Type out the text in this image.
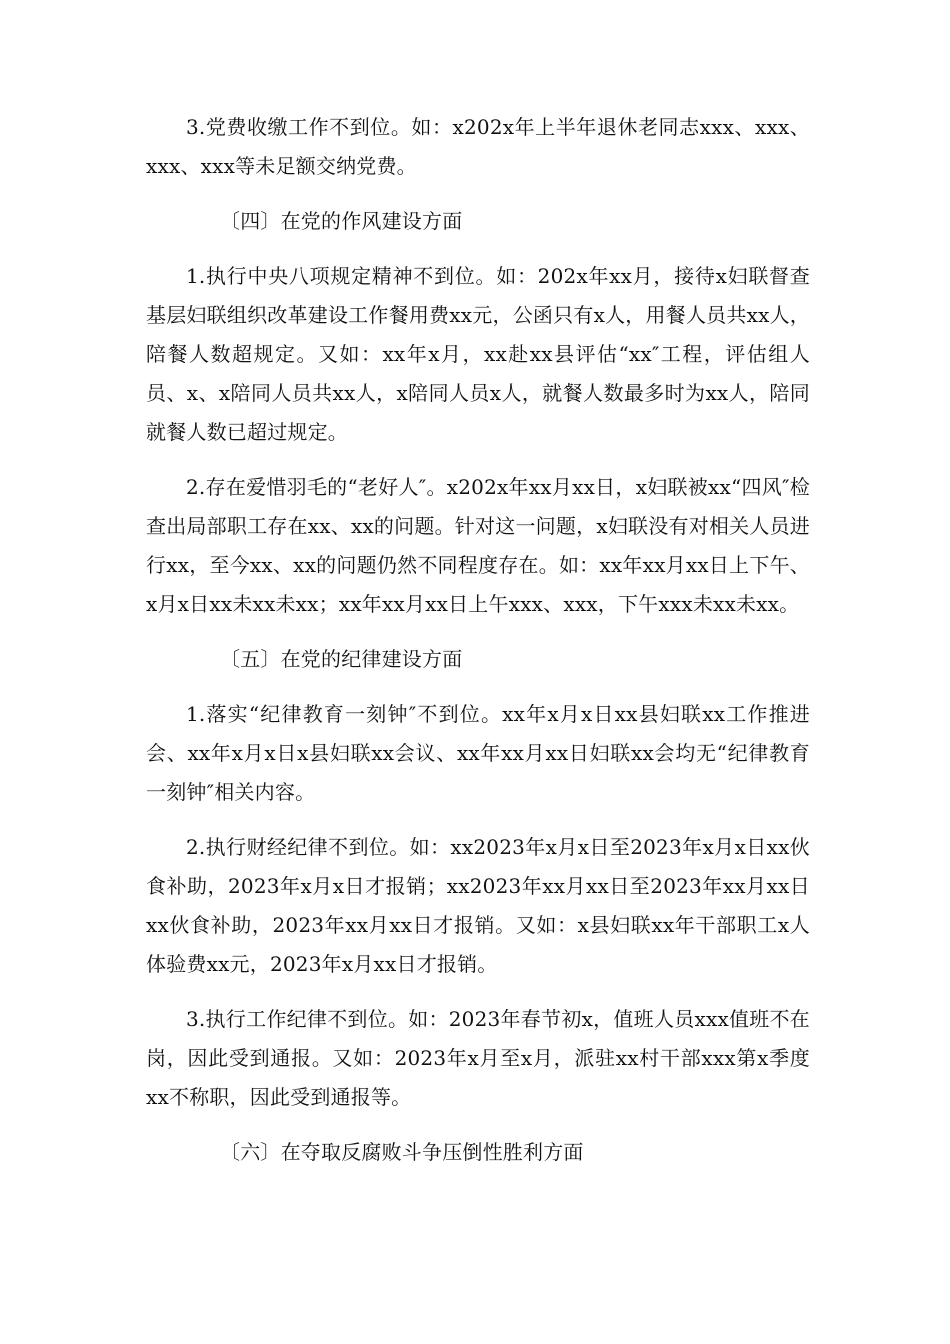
3.党费收缴工作不到位。如：x202x年上半年退休老同志xxx、xxx、xxx、xxx等未足额交纳党费。

〔四〕在党的作风建设方面

1.执行中央八项规定精神不到位。如：202x年xx月，接待x妇联督查基层妇联组织改革建设工作餐用费xx元，公函只有x人，用餐人员共xx人，陪餐人数超规定。又如：xx年x月，xx赴xx县评估“xx″工程，评估组人员、x、x陪同人员共xx人，x陪同人员x人，就餐人数最多时为xx人，陪同就餐人数已超过规定。

2.存在爱惜羽毛的“老好人″。x202x年xx月xx日，x妇联被xx“四风″检查出局部职工存在xx、xx的问题。针对这一问题，x妇联没有对相关人员进行xx，至今xx、xx的问题仍然不同程度存在。如：xx年xx月xx日上下午、x月x日xx未xx未xx；xx年xx月xx日上午xxx、xxx，下午xxx未xx未xx。

〔五〕在党的纪律建设方面

1.落实“纪律教育一刻钟″不到位。xx年x月x日xx县妇联xx工作推进会、xx年x月x日x县妇联xx会议、xx年xx月xx日妇联xx会均无“纪律教育一刻钟″相关内容。

2.执行财经纪律不到位。如：xx2023年x月x日至2023年x月x日xx伙食补助，2023年x月x日才报销；xx2023年xx月xx日至2023年xx月xx日xx伙食补助，2023年xx月xx日才报销。又如：x县妇联xx年干部职工x人体验费xx元，2023年x月xx日才报销。

3.执行工作纪律不到位。如：2023年春节初x，值班人员xxx值班不在岗，因此受到通报。又如：2023年x月至x月，派驻xx村干部xxx第x季度xx不称职，因此受到通报等。

〔六〕在夺取反腐败斗争压倒性胜利方面
